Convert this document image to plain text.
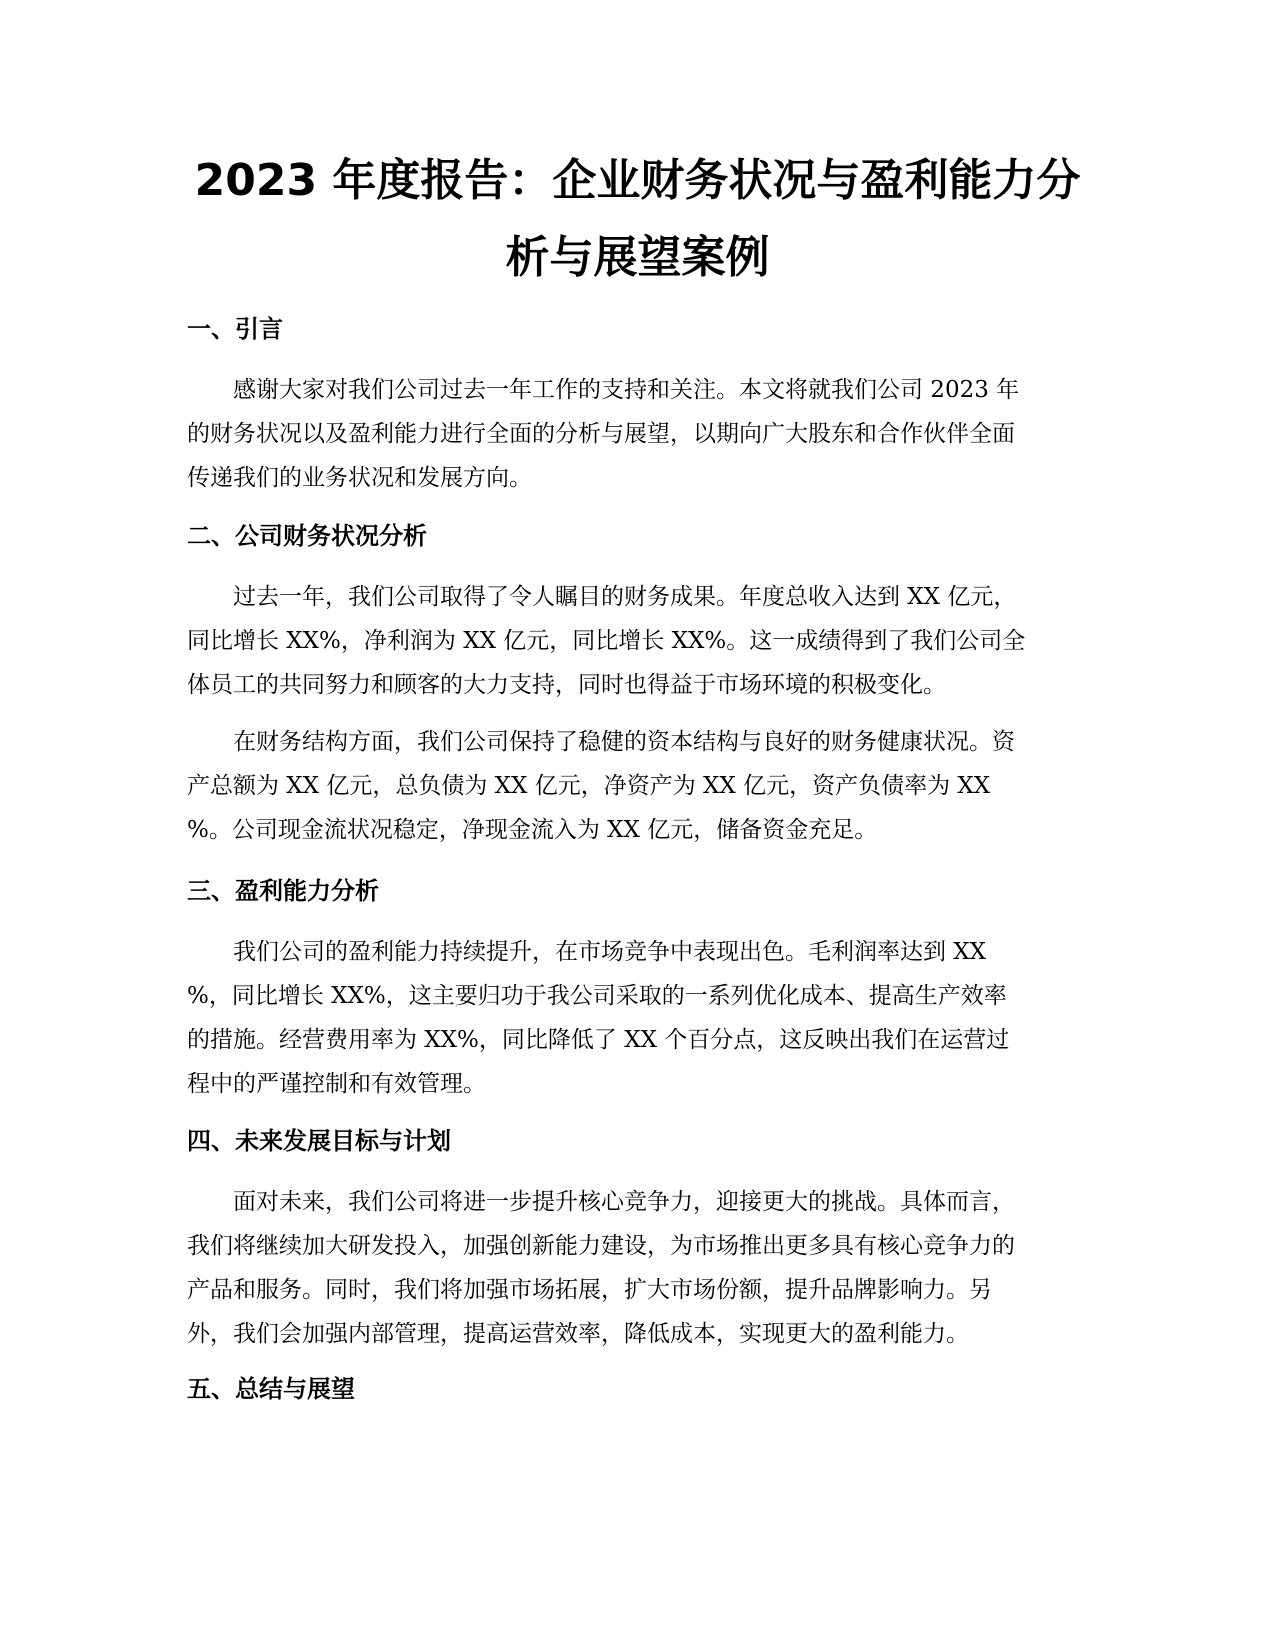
2023 年度报告：企业财务状况与盈利能力分
析与展望案例
一、引言
感谢大家对我们公司过去一年工作的支持和关注。本文将就我们公司 2023 年
的财务状况以及盈利能力进行全面的分析与展望，以期向广大股东和合作伙伴全面
传递我们的业务状况和发展方向。
二、公司财务状况分析
过去一年，我们公司取得了令人瞩目的财务成果。年度总收入达到 XX 亿元，
同比增长 XX%，净利润为 XX 亿元，同比增长 XX%。这一成绩得到了我们公司全
体员工的共同努力和顾客的大力支持，同时也得益于市场环境的积极变化。
在财务结构方面，我们公司保持了稳健的资本结构与良好的财务健康状况。资
产总额为 XX 亿元，总负债为 XX 亿元，净资产为 XX 亿元，资产负债率为 XX
%。公司现金流状况稳定，净现金流入为 XX 亿元，储备资金充足。
三、盈利能力分析
我们公司的盈利能力持续提升，在市场竞争中表现出色。毛利润率达到 XX
%，同比增长 XX%，这主要归功于我公司采取的一系列优化成本、提高生产效率
的措施。经营费用率为 XX%，同比降低了 XX 个百分点，这反映出我们在运营过
程中的严谨控制和有效管理。
四、未来发展目标与计划
面对未来，我们公司将进一步提升核心竞争力，迎接更大的挑战。具体而言，
我们将继续加大研发投入，加强创新能力建设，为市场推出更多具有核心竞争力的
产品和服务。同时，我们将加强市场拓展，扩大市场份额，提升品牌影响力。另
外，我们会加强内部管理，提高运营效率，降低成本，实现更大的盈利能力。
五、总结与展望
